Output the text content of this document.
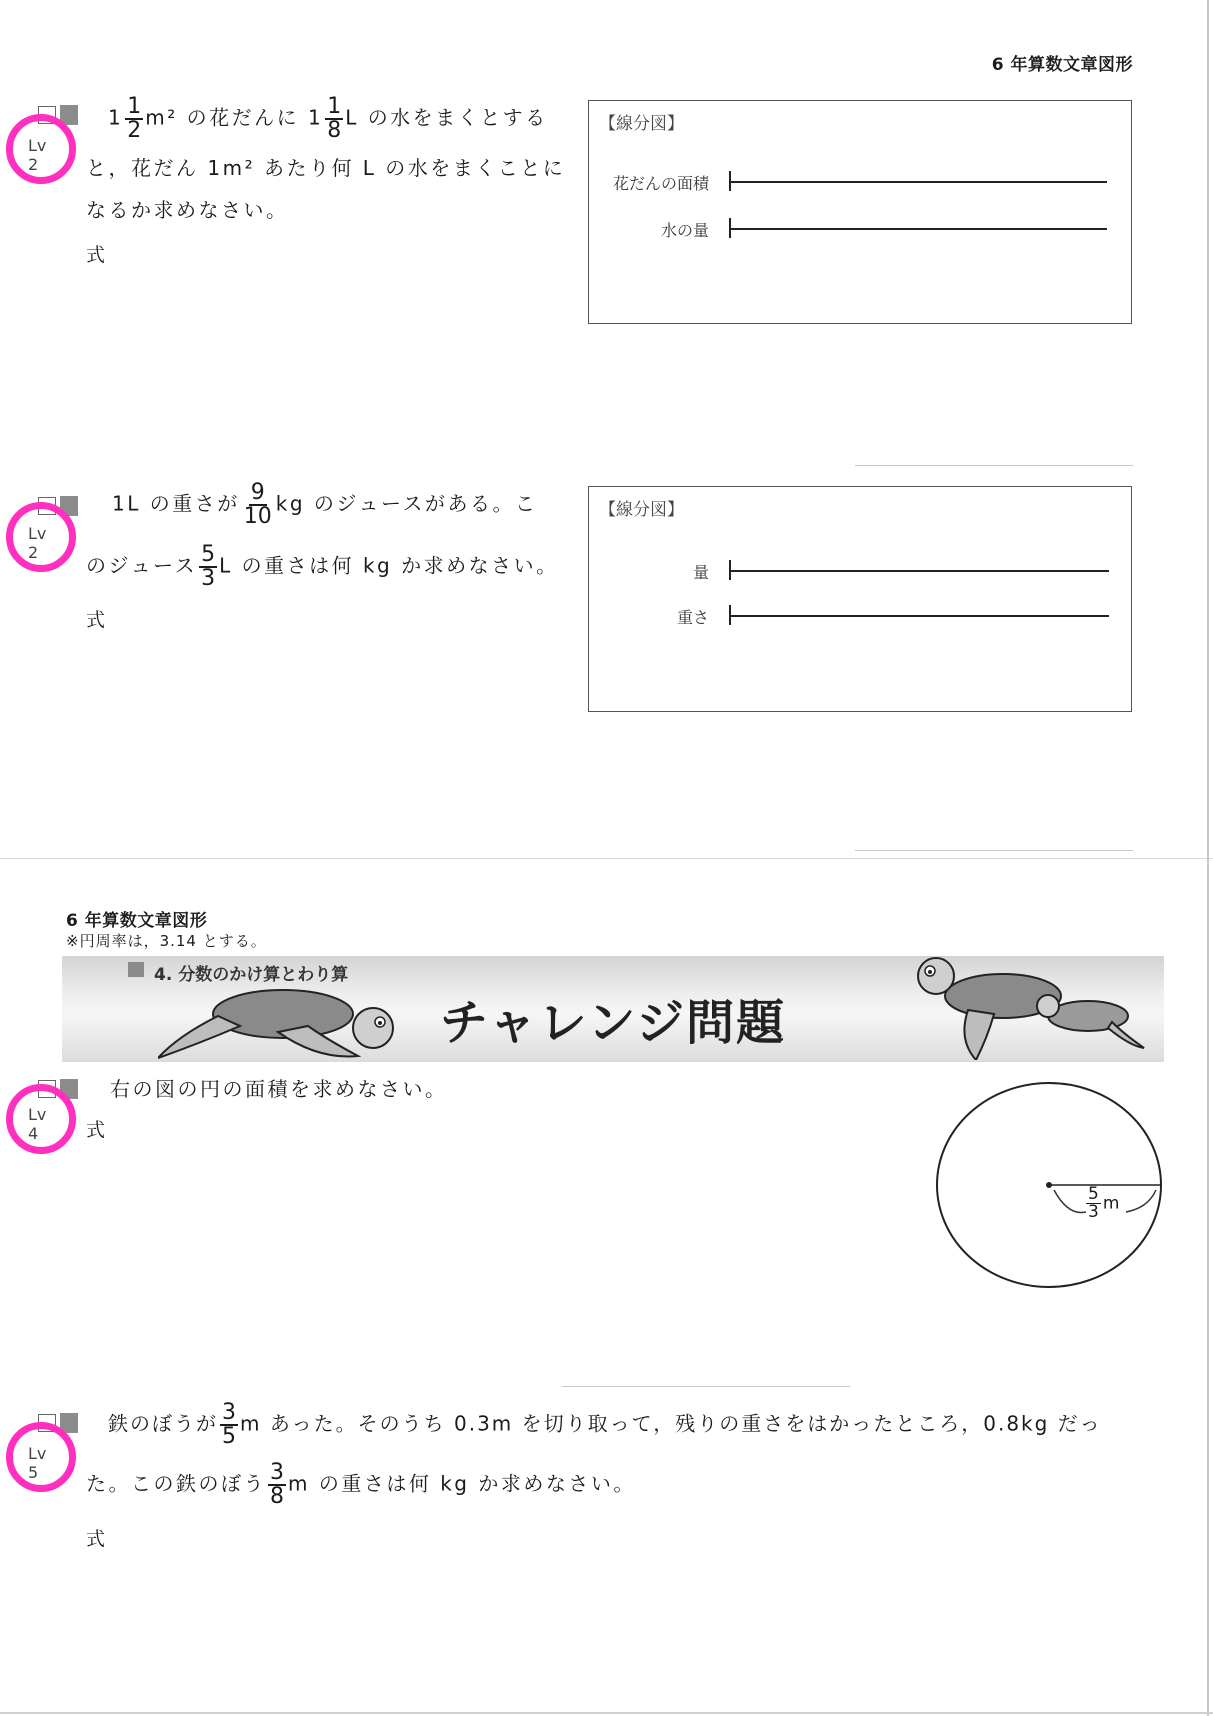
6 年算数文章図形
Lv 2
$1 \frac{1}{2} m^2$ の花だんに $1 \frac{1}{8}$ L の水をまくとする
と，花だん 1m² あたり何 L の水をまくことに
なるか求めなさい。
式
【線分図】
花だんの面積
水の量
Lv 2
1L の重さが $\frac{9}{10}$ kg のジュースがある。こ
のジュース $\frac{5}{3}$ L の重さは何 kg か求めなさい。
式
【線分図】
量
重さ
6 年算数文章図形
※円周率は，3.14 とする。
4. 分数のかけ算とわり算
チャレンジ問題
Lv 4
右の図の円の面積を求めなさい。
式
$\frac{5}{3}$ m
Lv 5
鉄のぼうが $\frac{3}{5}$ m あった。そのうち 0.3m を切り取って，残りの重さをはかったところ，0.8kg だっ
た。この鉄のぼう $\frac{3}{8}$ m の重さは何 kg か求めなさい。
式
